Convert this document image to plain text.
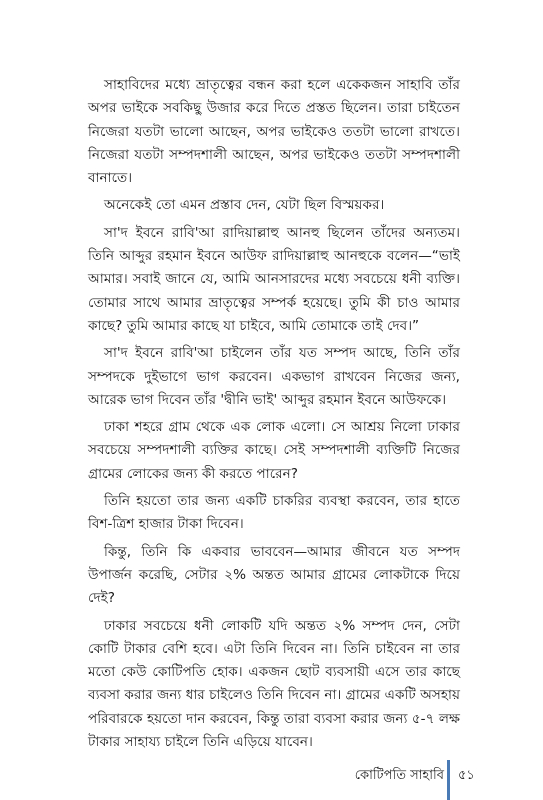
সাহাবিদের মধ্যে ভ্রাতৃত্বের বন্ধন করা হলে একেকজন সাহাবি তাঁর অপর ভাইকে সবকিছু উজার করে দিতে প্রস্তত ছিলেন। তারা চাইতেন নিজেরা যতটা ভালো আছেন, অপর ভাইকেও ততটা ভালো রাখতে। নিজেরা যতটা সম্পদশালী আছেন, অপর ভাইকেও ততটা সম্পদশালী বানাতে।

অনেকেই তো এমন প্রস্তাব দেন, যেটা ছিল বিস্ময়কর।

সা'দ ইবনে রাবি'আ রাদিয়াল্লাহু আনহু ছিলেন তাঁদের অন্যতম। তিনি আব্দুর রহমান ইবনে আউফ রাদিয়াল্লাহু আনহুকে বলেন—“ভাই আমার। সবাই জানে যে, আমি আনসারদের মধ্যে সবচেয়ে ধনী ব্যক্তি। তোমার সাথে আমার ভ্রাতৃত্বের সম্পর্ক হয়েছে। তুমি কী চাও আমার কাছে? তুমি আমার কাছে যা চাইবে, আমি তোমাকে তাই দেব।”

সা'দ ইবনে রাবি'আ চাইলেন তাঁর যত সম্পদ আছে, তিনি তাঁর সম্পদকে দুইভাগে ভাগ করবেন। একভাগ রাখবেন নিজের জন্য, আরেক ভাগ দিবেন তাঁর 'দ্বীনি ভাই' আব্দুর রহমান ইবনে আউফকে।

ঢাকা শহরে গ্রাম থেকে এক লোক এলো। সে আশ্রয় নিলো ঢাকার সবচেয়ে সম্পদশালী ব্যক্তির কাছে। সেই সম্পদশালী ব্যক্তিটি নিজের গ্রামের লোকের জন্য কী করতে পারেন?

তিনি হয়তো তার জন্য একটি চাকরির ব্যবস্থা করবেন, তার হাতে বিশ-ত্রিশ হাজার টাকা দিবেন।

কিন্তু, তিনি কি একবার ভাববেন—আমার জীবনে যত সম্পদ উপার্জন করেছি, সেটার ২% অন্তত আমার গ্রামের লোকটাকে দিয়ে দেই?

ঢাকার সবচেয়ে ধনী লোকটি যদি অন্তত ২% সম্পদ দেন, সেটা কোটি টাকার বেশি হবে। এটা তিনি দিবেন না। তিনি চাইবেন না তার মতো কেউ কোটিপতি হোক। একজন ছোট ব্যবসায়ী এসে তার কাছে ব্যবসা করার জন্য ধার চাইলেও তিনি দিবেন না। গ্রামের একটি অসহায় পরিবারকে হয়তো দান করবেন, কিন্তু তারা ব্যবসা করার জন্য ৫-৭ লক্ষ টাকার সাহায্য চাইলে তিনি এড়িয়ে যাবেন।

কোটিপতি সাহাবি ৫১
